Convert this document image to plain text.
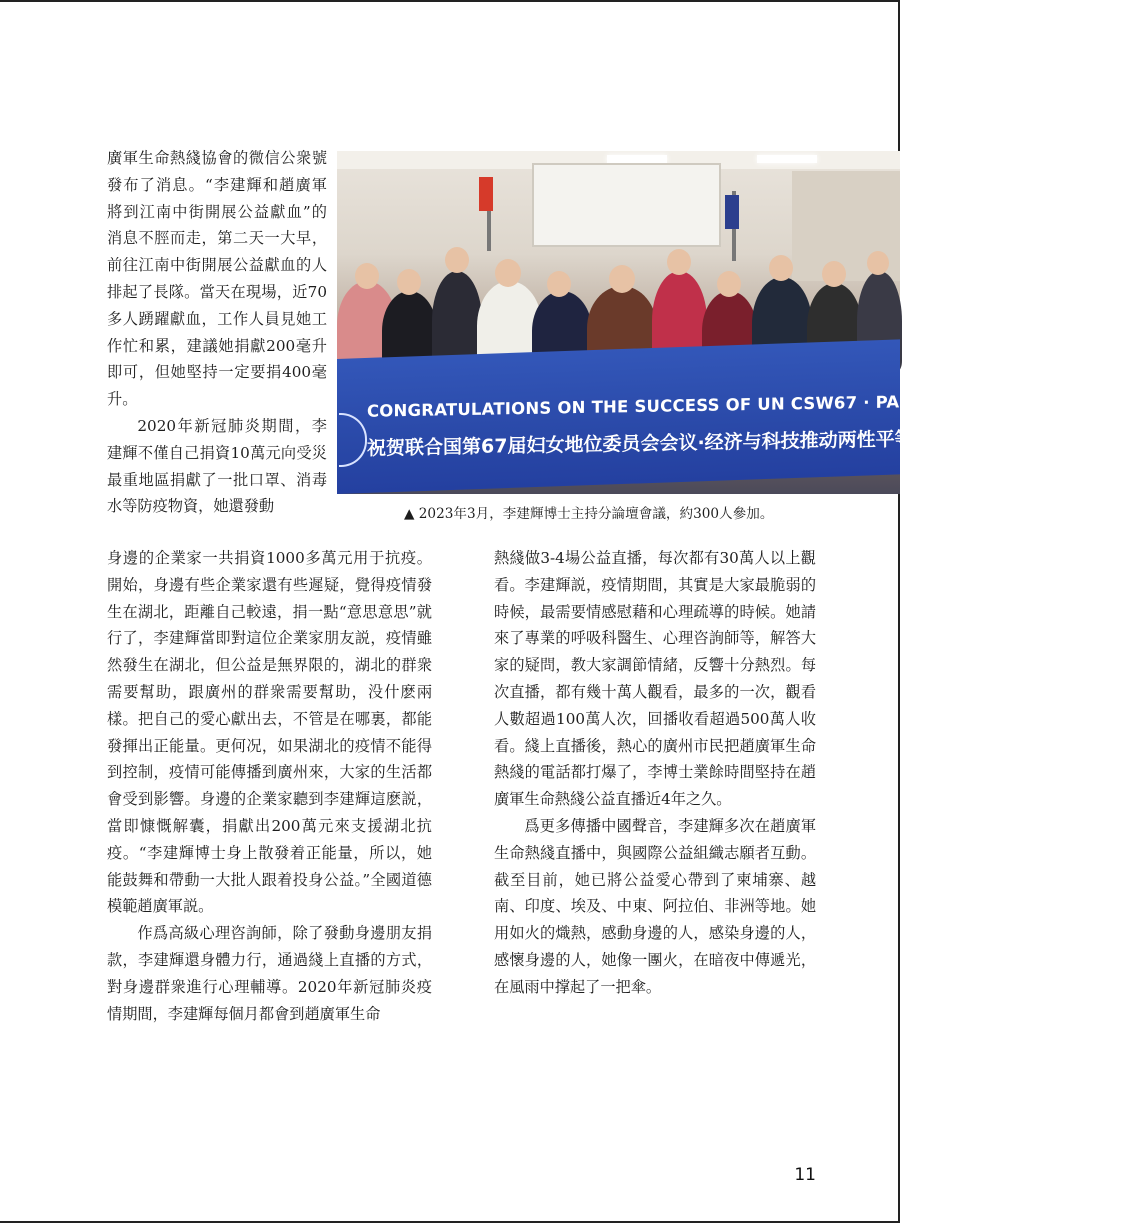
廣軍生命熱綫協會的微信公衆號發布了消息。“李建輝和趙廣軍將到江南中街開展公益獻血”的消息不脛而走，第二天一大早，前往江南中街開展公益獻血的人排起了長隊。當天在現場，近70多人踴躍獻血，工作人員見她工作忙和累，建議她捐獻200毫升即可，但她堅持一定要捐400毫升。

2020年新冠肺炎期間，李建輝不僅自己捐資10萬元向受災最重地區捐獻了一批口罩、消毒水等防疫物資，她還發動

CONGRATULATIONS ON THE SUCCESS OF UN CSW67 · PARALLEL FORUM & AWAR
祝贺联合国第67届妇女地位委员会会议·经济与科技推动两性平等论坛暨颁奖
▲ 2023年3月，李建輝博士主持分論壇會議，約300人參加。

身邊的企業家一共捐資1000多萬元用于抗疫。開始，身邊有些企業家還有些遲疑，覺得疫情發生在湖北，距離自己較遠，捐一點“意思意思”就行了，李建輝當即對這位企業家朋友説，疫情雖然發生在湖北，但公益是無界限的，湖北的群衆需要幫助，跟廣州的群衆需要幫助，没什麽兩樣。把自己的愛心獻出去，不管是在哪裏，都能發揮出正能量。更何况，如果湖北的疫情不能得到控制，疫情可能傳播到廣州來，大家的生活都會受到影響。身邊的企業家聽到李建輝這麽説，當即慷慨解囊，捐獻出200萬元來支援湖北抗疫。“李建輝博士身上散發着正能量，所以，她能鼓舞和帶動一大批人跟着投身公益。”全國道德模範趙廣軍説。

作爲高級心理咨詢師，除了發動身邊朋友捐款，李建輝還身體力行，通過綫上直播的方式，對身邊群衆進行心理輔導。2020年新冠肺炎疫情期間，李建輝每個月都會到趙廣軍生命

熱綫做3-4場公益直播，每次都有30萬人以上觀看。李建輝説，疫情期間，其實是大家最脆弱的時候，最需要情感慰藉和心理疏導的時候。她請來了專業的呼吸科醫生、心理咨詢師等，解答大家的疑問，教大家調節情緒，反響十分熱烈。每次直播，都有幾十萬人觀看，最多的一次，觀看人數超過100萬人次，回播收看超過500萬人收看。綫上直播後，熱心的廣州市民把趙廣軍生命熱綫的電話都打爆了，李博士業餘時間堅持在趙廣軍生命熱綫公益直播近4年之久。

爲更多傳播中國聲音，李建輝多次在趙廣軍生命熱綫直播中，與國際公益組織志願者互動。截至目前，她已將公益愛心帶到了柬埔寨、越南、印度、埃及、中東、阿拉伯、非洲等地。她用如火的熾熱，感動身邊的人，感染身邊的人，感懷身邊的人，她像一團火，在暗夜中傳遞光，在風雨中撑起了一把傘。

11
